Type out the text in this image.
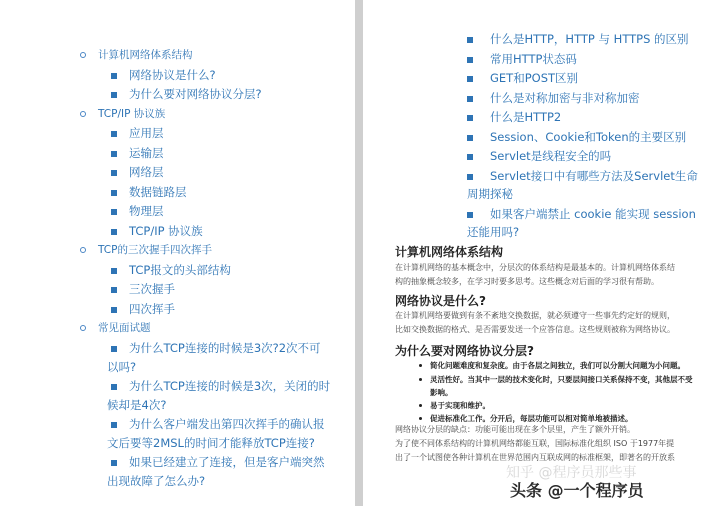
计算机网络体系结构
网络协议是什么?
为什么要对网络协议分层?
TCP/IP 协议族
应用层
运输层
网络层
数据链路层
物理层
TCP/IP 协议族
TCP的三次握手四次挥手
TCP报文的头部结构
三次握手
四次挥手
常见面试题
为什么TCP连接的时候是3次?2次不可
以吗?
为什么TCP连接的时候是3次，关闭的时
候却是4次?
为什么客户端发出第四次挥手的确认报
文后要等2MSL的时间才能释放TCP连接?
如果已经建立了连接，但是客户端突然
出现故障了怎么办?
什么是HTTP，HTTP 与 HTTPS 的区别
常用HTTP状态码
GET和POST区别
什么是对称加密与非对称加密
什么是HTTP2
Session、Cookie和Token的主要区别
Servlet是线程安全的吗
Servlet接口中有哪些方法及Servlet生命
周期探秘
如果客户端禁止 cookie 能实现 session
还能用吗?
计算机网络体系结构
在计算机网络的基本概念中，分层次的体系结构是最基本的。计算机网络体系结
构的抽象概念较多，在学习时要多思考。这些概念对后面的学习很有帮助。
网络协议是什么?
在计算机网络要做到有条不紊地交换数据，就必须遵守一些事先约定好的规则，
比如交换数据的格式、是否需要发送一个应答信息。这些规则被称为网络协议。
为什么要对网络协议分层?
简化问题难度和复杂度。由于各层之间独立，我们可以分割大问题为小问题。
灵活性好。当其中一层的技术变化时，只要层间接口关系保持不变，其他层不受
影响。
易于实现和维护。
促进标准化工作。分开后，每层功能可以相对简单地被描述。
网络协议分层的缺点：功能可能出现在多个层里，产生了额外开销。
为了使不同体系结构的计算机网络都能互联，国际标准化组织 ISO 于1977年提
出了一个试图使各种计算机在世界范围内互联成网的标准框架，即著名的开放系
知乎 @程序员那些事
头条 @一个程序员
